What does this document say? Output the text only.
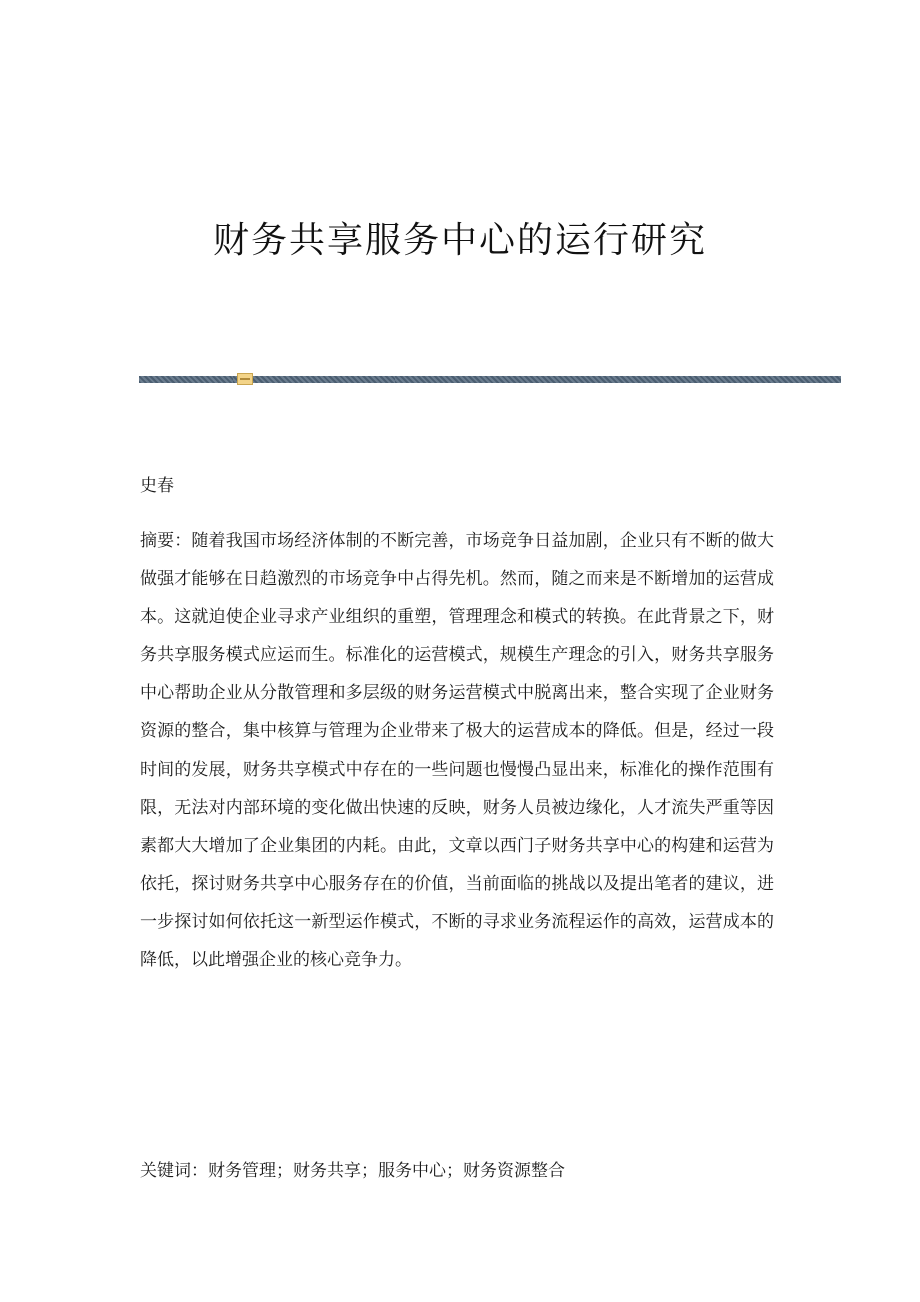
财务共享服务中心的运行研究
史春

摘要：随着我国市场经济体制的不断完善，市场竞争日益加剧，企业只有不断的做大做强才能够在日趋激烈的市场竞争中占得先机。然而，随之而来是不断增加的运营成本。这就迫使企业寻求产业组织的重塑，管理理念和模式的转换。在此背景之下，财务共享服务模式应运而生。标准化的运营模式，规模生产理念的引入，财务共享服务中心帮助企业从分散管理和多层级的财务运营模式中脱离出来，整合实现了企业财务资源的整合，集中核算与管理为企业带来了极大的运营成本的降低。但是，经过一段时间的发展，财务共享模式中存在的一些问题也慢慢凸显出来，标准化的操作范围有限，无法对内部环境的变化做出快速的反映，财务人员被边缘化，人才流失严重等因素都大大增加了企业集团的内耗。由此，文章以西门子财务共享中心的构建和运营为依托，探讨财务共享中心服务存在的价值，当前面临的挑战以及提出笔者的建议，进一步探讨如何依托这一新型运作模式，不断的寻求业务流程运作的高效，运营成本的降低，以此增强企业的核心竞争力。

关键词：财务管理；财务共享；服务中心；财务资源整合
